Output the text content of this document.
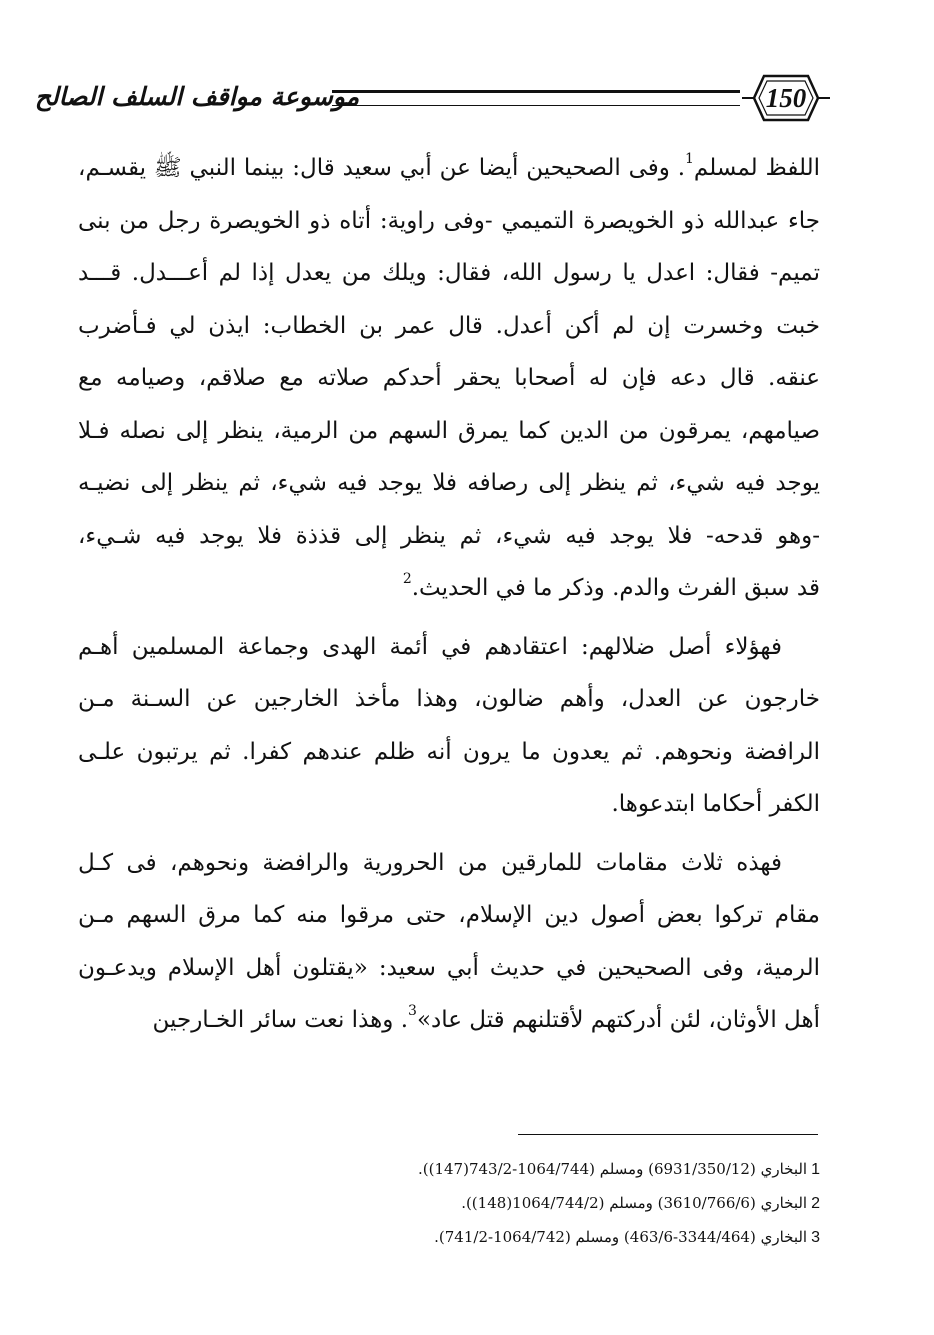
موسوعة مواقف السلف الصالح	150
اللفظ لمسلم$^1$. وفى الصحيحين أيضا عن أبي سعيد قال: بينما النبي ﷺ يقسـم،
جاء عبدالله ذو الخويصرة التميمي -وفى راوية: أتاه ذو الخويصرة رجل من بنى
تميم- فقال: اعدل يا رسول الله، فقال: ويلك من يعدل إذا لم أعـــدل. قـــد
خبت وخسرت إن لم أكن أعدل. قال عمر بن الخطاب: ايذن لي فـأضرب
عنقه. قال دعه فإن له أصحابا يحقر أحدكم صلاته مع صلاقم، وصيامه مع
صيامهم، يمرقون من الدين كما يمرق السهم من الرمية، ينظر إلى نصله فـلا
يوجد فيه شيء، ثم ينظر إلى رصافه فلا يوجد فيه شيء، ثم ينظر إلى نضيـه
-وهو قدحه- فلا يوجد فيه شيء، ثم ينظر إلى قذذة فلا يوجد فيه شـيء،
قد سبق الفرث والدم. وذكر ما في الحديث.$^2$
فهؤلاء أصل ضلالهم: اعتقادهم في أئمة الهدى وجماعة المسلمين أهـم
خارجون عن العدل، وأهم ضالون، وهذا مأخذ الخارجين عن السـنة مـن
الرافضة ونحوهم. ثم يعدون ما يرون أنه ظلم عندهم كفرا. ثم يرتبون علـى
الكفر أحكاما ابتدعوها.
فهذه ثلاث مقامات للمارقين من الحرورية والرافضة ونحوهم، فى كـل
مقام تركوا بعض أصول دين الإسلام، حتى مرقوا منه كما مرق السهم مـن
الرمية، وفى الصحيحين في حديث أبي سعيد: «يقتلون أهل الإسلام ويدعـون
أهل الأوثان، لئن أدركتهم لأقتلنهم قتل عاد»$^3$. وهذا نعت سائر الخـارجين
1البخاري (6931/350/12) ومسلم (1064/744-743/2(147)).
2البخاري (3610/766/6) ومسلم (1064/744/2(148)).
3البخاري (3344/464-463/6) ومسلم (1064/742-741/2).
